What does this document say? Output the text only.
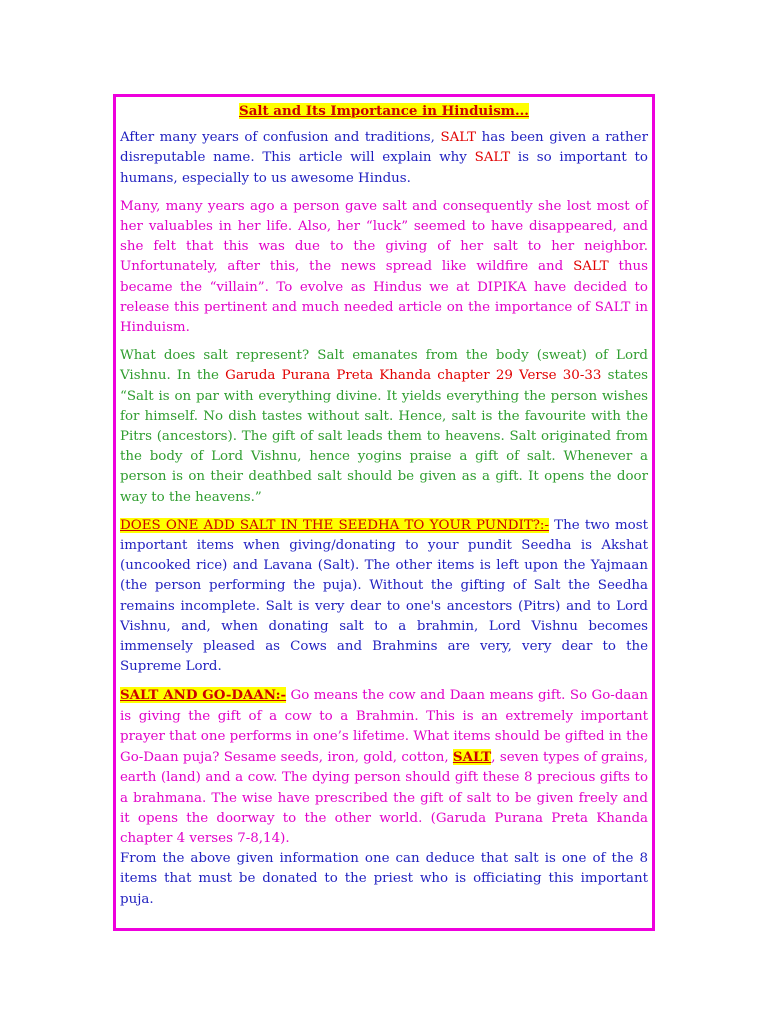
Salt and Its Importance in Hinduism...

After many years of confusion and traditions, SALT has been given a rather disreputable name. This article will explain why SALT is so important to humans, especially to us awesome Hindus.

Many, many years ago a person gave salt and consequently she lost most of her valuables in her life. Also, her “luck” seemed to have disappeared, and she felt that this was due to the giving of her salt to her neighbor. Unfortunately, after this, the news spread like wildfire and SALT thus became the “villain”. To evolve as Hindus we at DIPIKA have decided to release this pertinent and much needed article on the importance of SALT in Hinduism.

What does salt represent? Salt emanates from the body (sweat) of Lord Vishnu. In the Garuda Purana Preta Khanda chapter 29 Verse 30-33 states “Salt is on par with everything divine. It yields everything the person wishes for himself. No dish tastes without salt. Hence, salt is the favourite with the Pitrs (ancestors). The gift of salt leads them to heavens. Salt originated from the body of Lord Vishnu, hence yogins praise a gift of salt. Whenever a person is on their deathbed salt should be given as a gift. It opens the door way to the heavens.”

DOES ONE ADD SALT IN THE SEEDHA TO YOUR PUNDIT?:- The two most important items when giving/donating to your pundit Seedha is Akshat (uncooked rice) and Lavana (Salt). The other items is left upon the Yajmaan (the person performing the puja). Without the gifting of Salt the Seedha remains incomplete. Salt is very dear to one's ancestors (Pitrs) and to Lord Vishnu, and, when donating salt to a brahmin, Lord Vishnu becomes immensely pleased as Cows and Brahmins are very, very dear to the Supreme Lord.

SALT AND GO-DAAN:- Go means the cow and Daan means gift. So Go-daan is giving the gift of a cow to a Brahmin. This is an extremely important prayer that one performs in one’s lifetime. What items should be gifted in the Go-Daan puja? Sesame seeds, iron, gold, cotton, SALT, seven types of grains, earth (land) and a cow. The dying person should gift these 8 precious gifts to a brahmana. The wise have prescribed the gift of salt to be given freely and it opens the doorway to the other world. (Garuda Purana Preta Khanda chapter 4 verses 7-8,14).

From the above given information one can deduce that salt is one of the 8 items that must be donated to the priest who is officiating this important puja.
